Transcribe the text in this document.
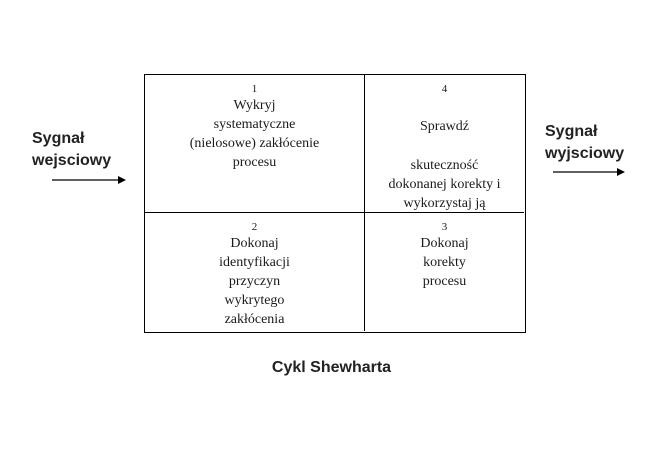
Sygnał
wejsciowy
Sygnał
wyjsciowy
1
Wykryj
systematyczne
(nielosowe) zakłócenie
procesu
4
Sprawdź
skuteczność
dokonanej korekty i
wykorzystaj ją
2
Dokonaj
identyfikacji
przyczyn
wykrytego
zakłócenia
3
Dokonaj
korekty
procesu
Cykl Shewharta
